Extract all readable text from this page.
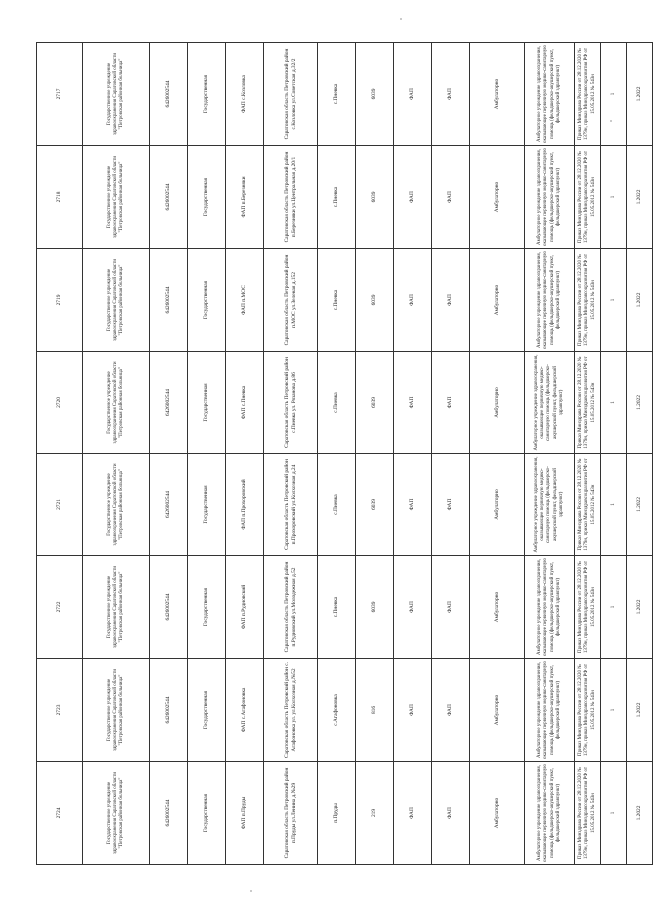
2724	2723	2722	2721	2720	2719	2718	2717
Государственное учреждение здравоохранения Саратовской области "Петровская районная больница"	Государственное учреждение здравоохранения Саратовской области "Петровская районная больница"	Государственное учреждение здравоохранения Саратовской области "Петровская районная больница"	Государственное учреждение здравоохранения Саратовской области "Петровская районная больница"	Государственное учреждение здравоохранения Саратовской области "Петровская районная больница"	Государственное учреждение здравоохранения Саратовской области "Петровская районная больница"	Государственное учреждение здравоохранения Саратовской области "Петровская районная больница"	Государственное учреждение здравоохранения Саратовской области "Петровская районная больница"
6426002544	6426002544	6426002544	6426002544	6426002544	6426002544	6426002544	6426002544
Государственная	Государственная	Государственная	Государственная	Государственная	Государственная	Государственная	Государственная
ФАП п.Пруды	ФАП с.Агафоновка	ФАП п.Рудновский	ФАП п.Прохоровский	ФАП с.Пневка	ФАП п.МОС	ФАП п.Березняки	ФАП с.Козловка
Саратовская область Петровский район п.Пруды ул.Ленина д.№29	Саратовская область Петровский район с. Агафоновка ул. ул.Колхозная д.№52	Саратовская область Петровский район п.Рудновский ул.Молодежная д.52	Саратовская область Петровский район п.Прохоровский ул.Колхозная д.24	Саратовская область Петровский район с.Пневка ул. Рязанова д.86	Саратовская область Петровский район п.МОС ул.Зеленая д.152	Саратовская область Петровский район п.Березняки ул.Центральная д.20/1	Саратовская область Петровский район с.Козловка ул.Советская д.32/2
п.Пруды	с.Агафоновка	с.Пневка	с.Пневка	с.Пневка	с.Пневка	с.Пневка	с.Пневка
219	816	6039	6039	6039	6039	6039	6039
ФАП	ФАП	ФАП	ФАП	ФАП	ФАП	ФАП	ФАП
ФАП	ФАП	ФАП	ФАП	ФАП	ФАП	ФАП	ФАП
Амбулаторно	Амбулаторно	Амбулаторно	Амбулаторно	Амбулаторно	Амбулаторно	Амбулаторно	Амбулаторно
Амбулаторное учреждение здравоохранения, оказывающее первичную медико-санитарную помощь (фельдшерско-акушерский пункт, фельдшерский здравпункт)	Амбулаторное учреждение здравоохранения, оказывающее первичную медико-санитарную помощь (фельдшерско-акушерский пункт, фельдшерский здравпункт)	Амбулаторное учреждение здравоохранения, оказывающее первичную медико-санитарную помощь (фельдшерско-акушерский пункт, фельдшерский здравпункт)	Амбулаторное учреждение здравоохранения, оказывающее первичную медико-санитарную помощь (фельдшерско-акушерский пункт, фельдшерский здравпункт)	Амбулаторное учреждение здравоохранения, оказывающее первичную медико-санитарную помощь (фельдшерско-акушерский пункт, фельдшерский здравпункт)	Амбулаторное учреждение здравоохранения, оказывающее первичную медико-санитарную помощь (фельдшерско-акушерский пункт, фельдшерский здравпункт)	Амбулаторное учреждение здравоохранения, оказывающее первичную медико-санитарную помощь (фельдшерско-акушерский пункт, фельдшерский здравпункт)	Амбулаторное учреждение здравоохранения, оказывающее первичную медико-санитарную помощь (фельдшерско-акушерский пункт, фельдшерский здравпункт)
Приказ Минздрава России от 28.12.2020 № 1379н, приказ Минздравсоцразвития РФ от 15.05.2012 № 543н	Приказ Минздрава России от 28.12.2020 № 1379н, приказ Минздравсоцразвития РФ от 15.05.2012 № 543н	Приказ Минздрава России от 28.12.2020 № 1379н, приказ Минздравсоцразвития РФ от 15.05.2012 № 543н	Приказ Минздрава России от 28.12.2020 № 1379н, приказ Минздравсоцразвития РФ от 15.05.2012 № 543н	Приказ Минздрава России от 28.12.2020 № 1379н, приказ Минздравсоцразвития РФ от 15.05.2012 № 543н	Приказ Минздрава России от 28.12.2020 № 1379н, приказ Минздравсоцразвития РФ от 15.05.2012 № 543н	Приказ Минздрава России от 28.12.2020 № 1379н, приказ Минздравсоцразвития РФ от 15.05.2012 № 543н	Приказ Минздрава России от 28.12.2020 № 1379н, приказ Минздравсоцразвития РФ от 15.05.2012 № 543н
1	1	1	1	1	1	1	1
1.2022	1.2022	1.2022	1.2022	1.2022	1.2022	1.2022	1.2022
